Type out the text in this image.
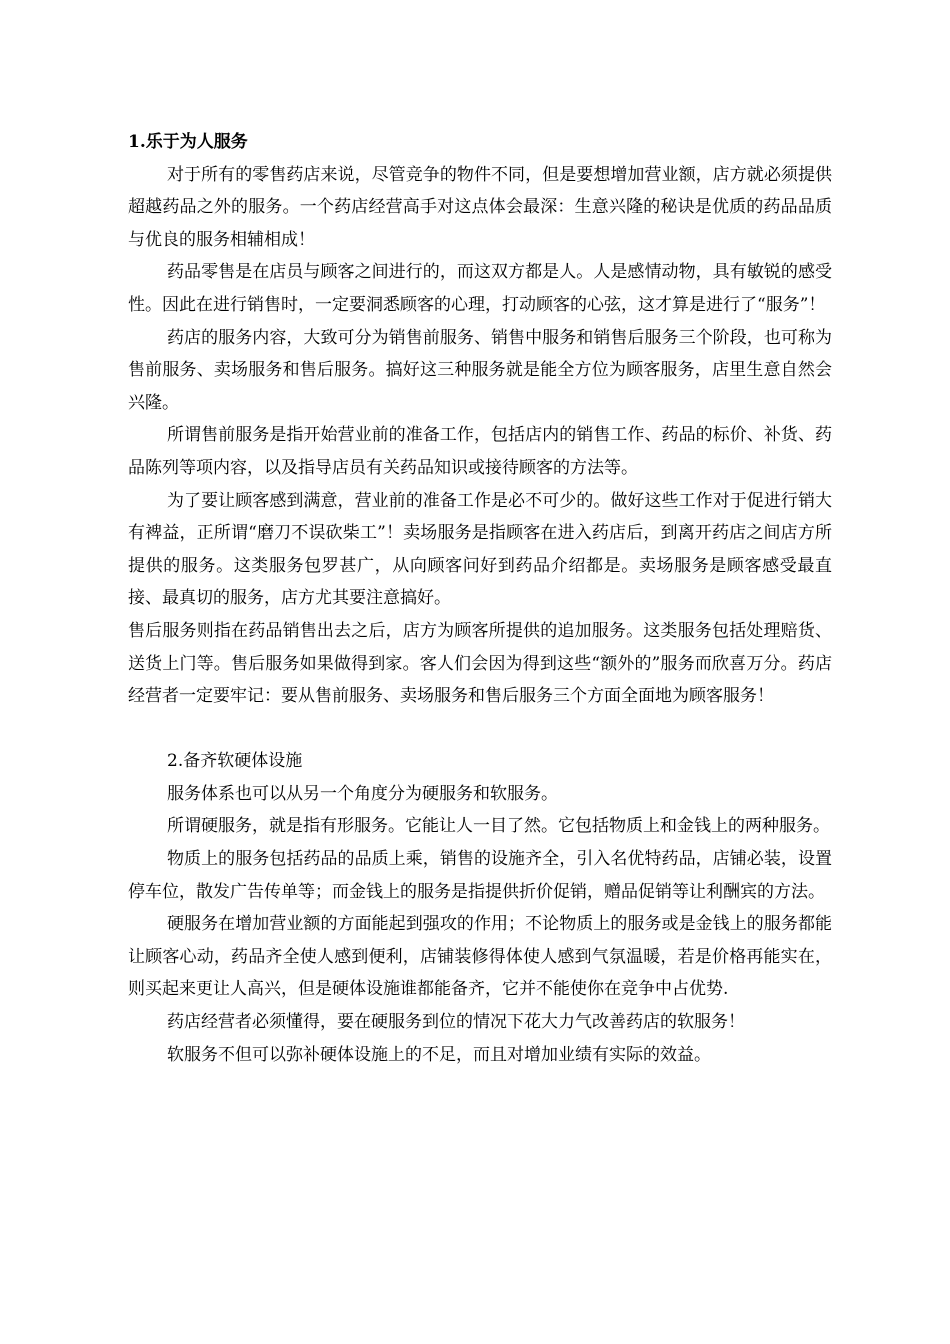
1.乐于为人服务

对于所有的零售药店来说，尽管竞争的物件不同，但是要想增加营业额，店方就必须提供超越药品之外的服务。一个药店经营高手对这点体会最深：生意兴隆的秘诀是优质的药品品质与优良的服务相辅相成！

药品零售是在店员与顾客之间进行的，而这双方都是人。人是感情动物，具有敏锐的感受性。因此在进行销售时，一定要洞悉顾客的心理，打动顾客的心弦，这才算是进行了“服务”！

药店的服务内容，大致可分为销售前服务、销售中服务和销售后服务三个阶段，也可称为售前服务、卖场服务和售后服务。搞好这三种服务就是能全方位为顾客服务，店里生意自然会兴隆。

所谓售前服务是指开始营业前的准备工作，包括店内的销售工作、药品的标价、补货、药品陈列等项内容，以及指导店员有关药品知识或接待顾客的方法等。

为了要让顾客感到满意，营业前的准备工作是必不可少的。做好这些工作对于促进行销大有裨益，正所谓“磨刀不误砍柴工”！卖场服务是指顾客在进入药店后，到离开药店之间店方所提供的服务。这类服务包罗甚广，从向顾客问好到药品介绍都是。卖场服务是顾客感受最直接、最真切的服务，店方尤其要注意搞好。

售后服务则指在药品销售出去之后，店方为顾客所提供的追加服务。这类服务包括处理赔货、送货上门等。售后服务如果做得到家。客人们会因为得到这些“额外的”服务而欣喜万分。药店经营者一定要牢记：要从售前服务、卖场服务和售后服务三个方面全面地为顾客服务！

2.备齐软硬体设施

服务体系也可以从另一个角度分为硬服务和软服务。

所谓硬服务，就是指有形服务。它能让人一目了然。它包括物质上和金钱上的两种服务。

物质上的服务包括药品的品质上乘，销售的设施齐全，引入名优特药品，店铺必装，设置停车位，散发广告传单等；而金钱上的服务是指提供折价促销，赠品促销等让利酬宾的方法。

硬服务在增加营业额的方面能起到强攻的作用；不论物质上的服务或是金钱上的服务都能让顾客心动，药品齐全使人感到便利，店铺装修得体使人感到气氛温暖，若是价格再能实在，则买起来更让人高兴，但是硬体设施谁都能备齐，它并不能使你在竞争中占优势.

药店经营者必须懂得，要在硬服务到位的情况下花大力气改善药店的软服务！

软服务不但可以弥补硬体设施上的不足，而且对增加业绩有实际的效益。
